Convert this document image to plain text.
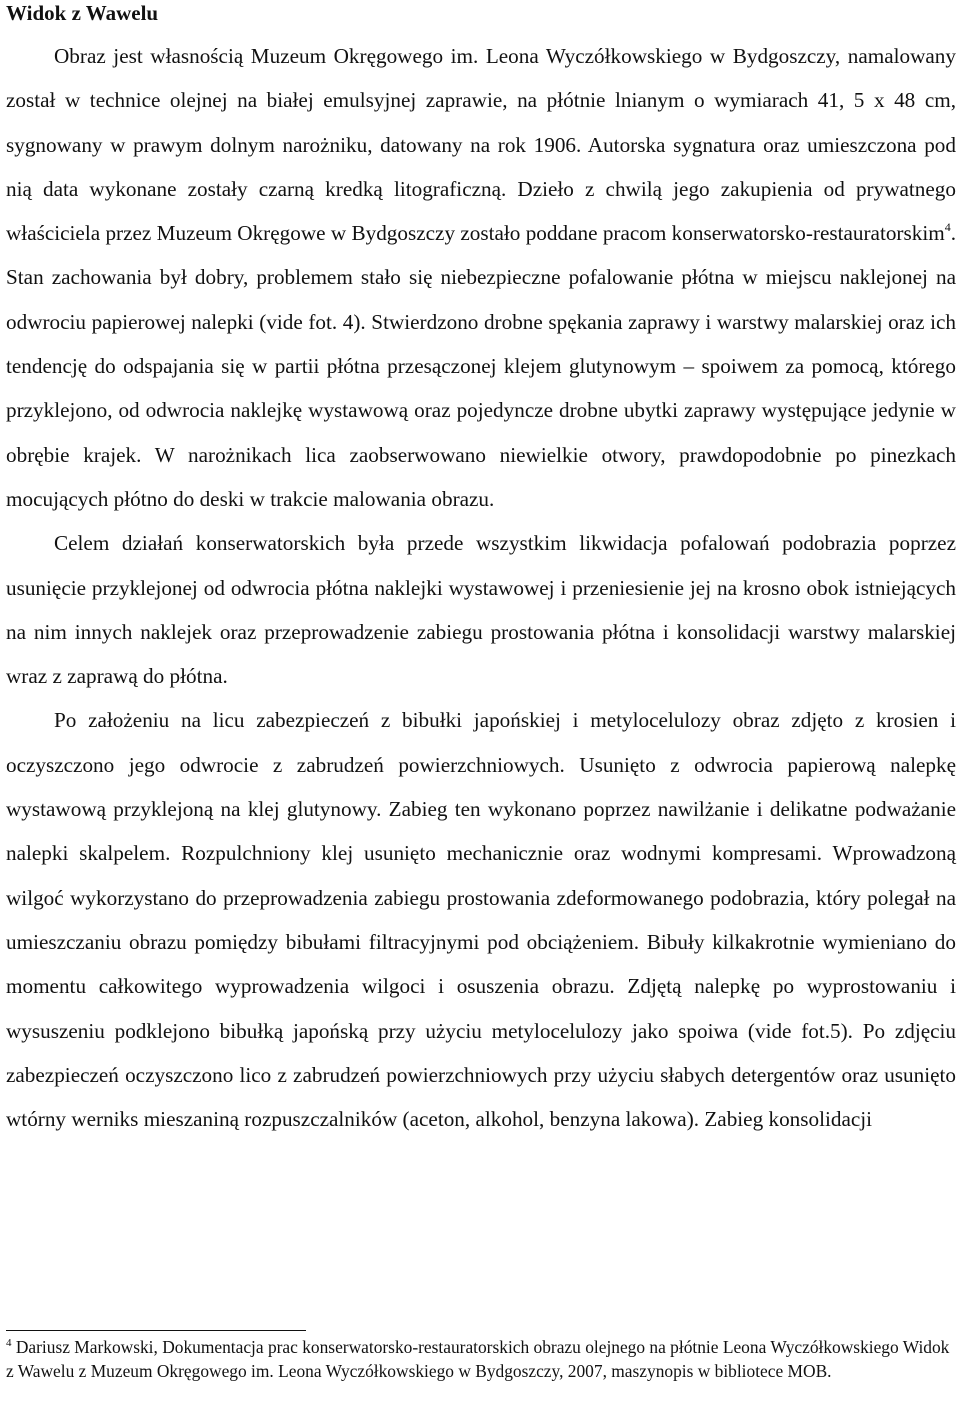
Widok z Wawelu

Obraz jest własnością Muzeum Okręgowego im. Leona Wyczółkowskiego w Bydgoszczy, namalowany został w technice olejnej na białej emulsyjnej zaprawie, na płótnie lnianym o wymiarach 41, 5 x 48 cm, sygnowany w prawym dolnym narożniku, datowany na rok 1906. Autorska sygnatura oraz umieszczona pod nią data wykonane zostały czarną kredką litograficzną. Dzieło z chwilą jego zakupienia od prywatnego właściciela przez Muzeum Okręgowe w Bydgoszczy zostało poddane pracom konserwatorsko-restauratorskim$^4$. Stan zachowania był dobry, problemem stało się niebezpieczne pofalowanie płótna w miejscu naklejonej na odwrociu papierowej nalepki (vide fot. 4). Stwierdzono drobne spękania zaprawy i warstwy malarskiej oraz ich tendencję do odspajania się w partii płótna przesączonej klejem glutynowym – spoiwem za pomocą, którego przyklejono, od odwrocia naklejkę wystawową oraz pojedyncze drobne ubytki zaprawy występujące jedynie w obrębie krajek. W narożnikach lica zaobserwowano niewielkie otwory, prawdopodobnie po pinezkach mocujących płótno do deski w trakcie malowania obrazu.

Celem działań konserwatorskich była przede wszystkim likwidacja pofalowań podobrazia poprzez usunięcie przyklejonej od odwrocia płótna naklejki wystawowej i przeniesienie jej na krosno obok istniejących na nim innych naklejek oraz przeprowadzenie zabiegu prostowania płótna i konsolidacji warstwy malarskiej wraz z zaprawą do płótna.

Po założeniu na licu zabezpieczeń z bibułki japońskiej i metylocelulozy obraz zdjęto z krosien i oczyszczono jego odwrocie z zabrudzeń powierzchniowych. Usunięto z odwrocia papierową nalepkę wystawową przyklejoną na klej glutynowy. Zabieg ten wykonano poprzez nawilżanie i delikatne podważanie nalepki skalpelem. Rozpulchniony klej usunięto mechanicznie oraz wodnymi kompresami. Wprowadzoną wilgoć wykorzystano do przeprowadzenia zabiegu prostowania zdeformowanego podobrazia, który polegał na umieszczaniu obrazu pomiędzy bibułami filtracyjnymi pod obciążeniem. Bibuły kilkakrotnie wymieniano do momentu całkowitego wyprowadzenia wilgoci i osuszenia obrazu. Zdjętą nalepkę po wyprostowaniu i wysuszeniu podklejono bibułką japońską przy użyciu metylocelulozy jako spoiwa (vide fot.5). Po zdjęciu zabezpieczeń oczyszczono lico z zabrudzeń powierzchniowych przy użyciu słabych detergentów oraz usunięto wtórny werniks mieszaniną rozpuszczalników (aceton, alkohol, benzyna lakowa). Zabieg konsolidacji

$^4$ Dariusz Markowski, Dokumentacja prac konserwatorsko-restauratorskich obrazu olejnego na płótnie Leona Wyczółkowskiego Widok z Wawelu z Muzeum Okręgowego im. Leona Wyczółkowskiego w Bydgoszczy, 2007, maszynopis w bibliotece MOB.
